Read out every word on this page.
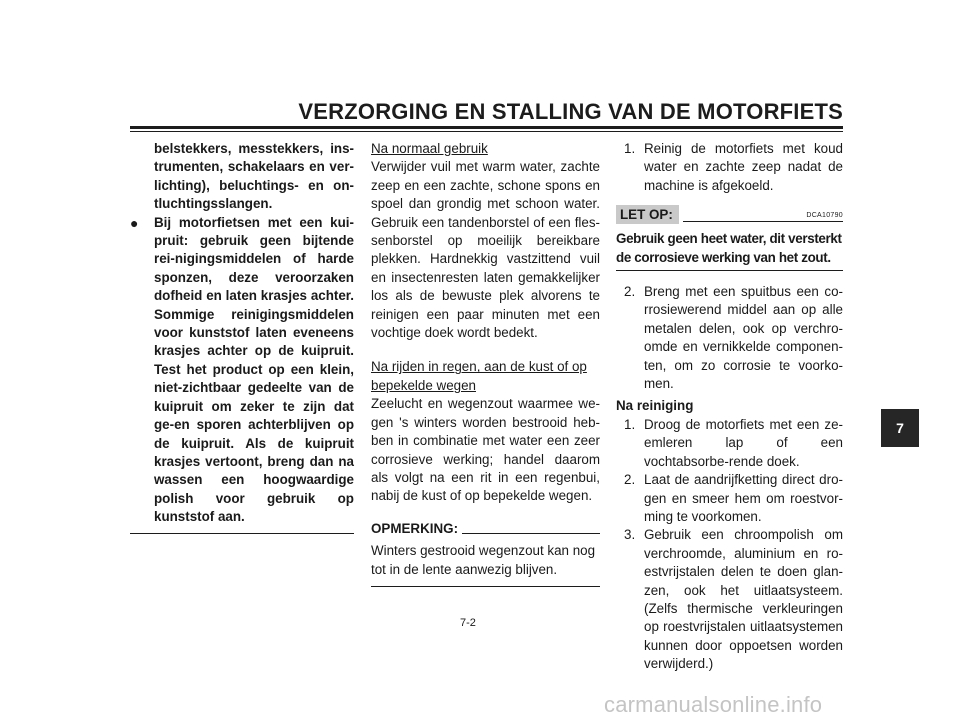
VERZORGING EN STALLING VAN DE MOTORFIETS
belstekkers, messtekkers, ins-trumenten, schakelaars en ver-lichting), beluchtings- en on-tluchtingsslangen.
● Bij motorfietsen met een kui-pruit: gebruik geen bijtende rei-nigingsmiddelen of harde sponzen, deze veroorzaken dofheid en laten krasjes achter. Sommige reinigingsmiddelen voor kunststof laten eveneens krasjes achter op de kuipruit. Test het product op een klein, niet-zichtbaar gedeelte van de kuipruit om zeker te zijn dat ge-en sporen achterblijven op de kuipruit. Als de kuipruit krasjes vertoont, breng dan na wassen een hoogwaardige polish voor gebruik op kunststof aan.
Na normaal gebruik
Verwijder vuil met warm water, zachte zeep en een zachte, schone spons en spoel dan grondig met schoon water. Gebruik een tandenborstel of een fles-senborstel op moeilijk bereikbare plekken. Hardnekkig vastzittend vuil en insectenresten laten gemakkelijker los als de bewuste plek alvorens te reinigen een paar minuten met een vochtige doek wordt bedekt.
Na rijden in regen, aan de kust of op bepekelde wegen
Zeelucht en wegenzout waarmee we-gen 's winters worden bestrooid heb-ben in combinatie met water een zeer corrosieve werking; handel daarom als volgt na een rit in een regenbui, nabij de kust of op bepekelde wegen.
OPMERKING:
Winters gestrooid wegenzout kan nog tot in de lente aanwezig blijven.
1. Reinig de motorfiets met koud water en zachte zeep nadat de machine is afgekoeld.
LET OP:	DCA10790
Gebruik geen heet water, dit versterkt de corrosieve werking van het zout.
2. Breng met een spuitbus een co-rrosiewerend middel aan op alle metalen delen, ook op verchro-omde en vernikkelde componen-ten, om zo corrosie te voorko-men.
Na reiniging
1. Droog de motorfiets met een ze-emleren lap of een vochtabsorbe-rende doek.
2. Laat de aandrijfketting direct dro-gen en smeer hem om roestvor-ming te voorkomen.
3. Gebruik een chroompolish om verchroomde, aluminium en ro-estvrijstalen delen te doen glan-zen, ook het uitlaatsysteem. (Zelfs thermische verkleuringen op roestvrijstalen uitlaatsystemen kunnen door oppoetsen worden verwijderd.)
7-2
7
carmanualsonline.info
